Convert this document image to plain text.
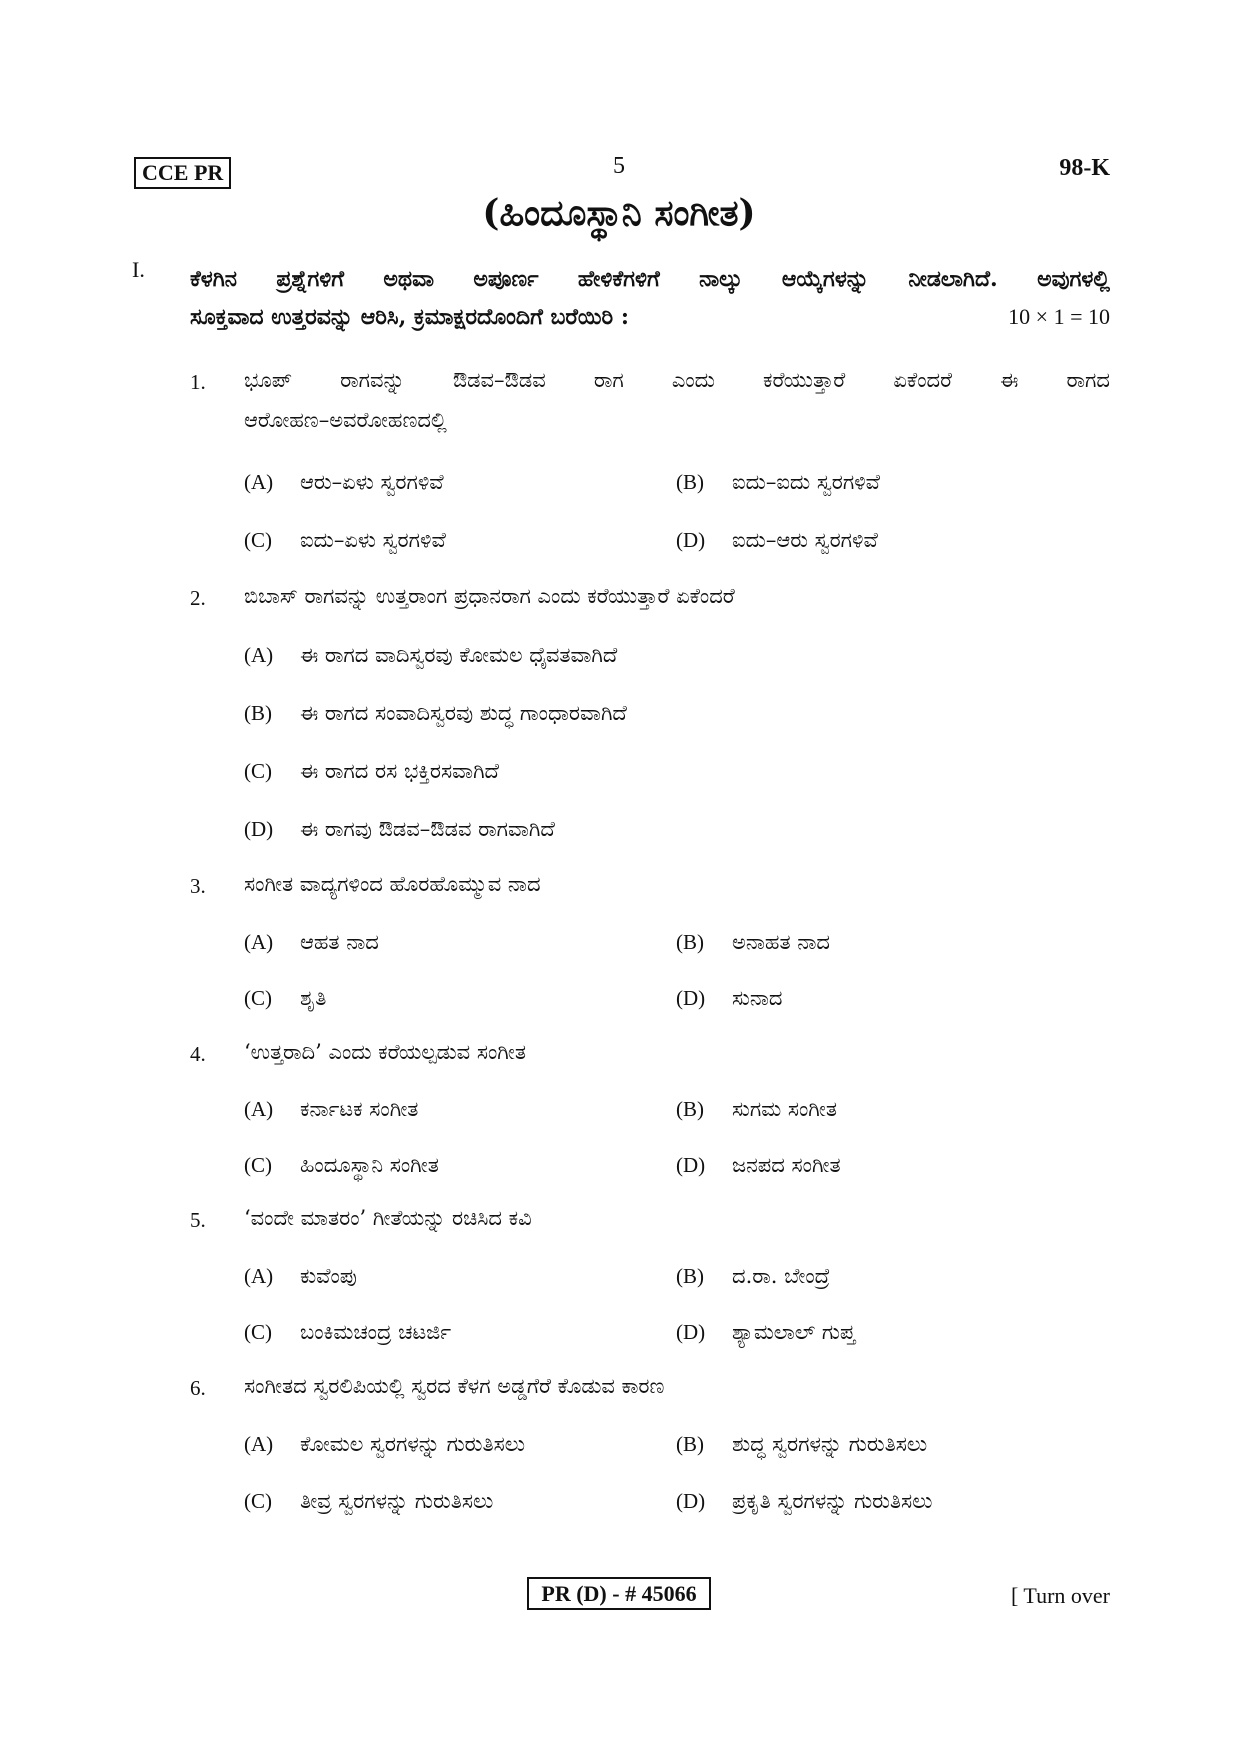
CCE PR	5	98-K
(ಹಿಂದೂಸ್ಥಾನಿ ಸಂಗೀತ)
I. ಕೆಳಗಿನ ಪ್ರಶ್ನೆಗಳಿಗೆ ಅಥವಾ ಅಪೂರ್ಣ ಹೇಳಿಕೆಗಳಿಗೆ ನಾಲ್ಕು ಆಯ್ಕೆಗಳನ್ನು ನೀಡಲಾಗಿದೆ. ಅವುಗಳಲ್ಲಿ
ಸೂಕ್ತವಾದ ಉತ್ತರವನ್ನು ಆರಿಸಿ, ಕ್ರಮಾಕ್ಷರದೊಂದಿಗೆ ಬರೆಯಿರಿ :	10 × 1 = 10
1. ಭೂಪ್ ರಾಗವನ್ನು ಔಡವ–ಔಡವ ರಾಗ ಎಂದು ಕರೆಯುತ್ತಾರೆ ಏಕೆಂದರೆ ಈ ರಾಗದ
ಆರೋಹಣ–ಅವರೋಹಣದಲ್ಲಿ
(A) ಆರು–ಏಳು ಸ್ವರಗಳಿವೆ	(B) ಐದು–ಐದು ಸ್ವರಗಳಿವೆ
(C) ಐದು–ಏಳು ಸ್ವರಗಳಿವೆ	(D) ಐದು–ಆರು ಸ್ವರಗಳಿವೆ
2. ಬಿಬಾಸ್ ರಾಗವನ್ನು ಉತ್ತರಾಂಗ ಪ್ರಧಾನರಾಗ ಎಂದು ಕರೆಯುತ್ತಾರೆ ಏಕೆಂದರೆ
(A) ಈ ರಾಗದ ವಾದಿಸ್ವರವು ಕೋಮಲ ಧೈವತವಾಗಿದೆ
(B) ಈ ರಾಗದ ಸಂವಾದಿಸ್ವರವು ಶುದ್ಧ ಗಾಂಧಾರವಾಗಿದೆ
(C) ಈ ರಾಗದ ರಸ ಭಕ್ತಿರಸವಾಗಿದೆ
(D) ಈ ರಾಗವು ಔಡವ–ಔಡವ ರಾಗವಾಗಿದೆ
3. ಸಂಗೀತ ವಾದ್ಯಗಳಿಂದ ಹೊರಹೊಮ್ಮುವ ನಾದ
(A) ಆಹತ ನಾದ	(B) ಅನಾಹತ ನಾದ
(C) ಶೃತಿ	(D) ಸುನಾದ
4. ‘ಉತ್ತರಾದಿ’ ಎಂದು ಕರೆಯಲ್ಪಡುವ ಸಂಗೀತ
(A) ಕರ್ನಾಟಕ ಸಂಗೀತ	(B) ಸುಗಮ ಸಂಗೀತ
(C) ಹಿಂದೂಸ್ಥಾನಿ ಸಂಗೀತ	(D) ಜನಪದ ಸಂಗೀತ
5. ‘ವಂದೇ ಮಾತರಂ’ ಗೀತೆಯನ್ನು ರಚಿಸಿದ ಕವಿ
(A) ಕುವೆಂಪು	(B) ದ.ರಾ. ಬೇಂದ್ರೆ
(C) ಬಂಕಿಮಚಂದ್ರ ಚಟರ್ಜಿ	(D) ಶ್ಯಾಮಲಾಲ್ ಗುಪ್ತ
6. ಸಂಗೀತದ ಸ್ವರಲಿಪಿಯಲ್ಲಿ ಸ್ವರದ ಕೆಳಗ ಅಡ್ಡಗೆರೆ ಕೊಡುವ ಕಾರಣ
(A) ಕೋಮಲ ಸ್ವರಗಳನ್ನು ಗುರುತಿಸಲು	(B) ಶುದ್ಧ ಸ್ವರಗಳನ್ನು ಗುರುತಿಸಲು
(C) ತೀವ್ರ ಸ್ವರಗಳನ್ನು ಗುರುತಿಸಲು	(D) ಪ್ರಕೃತಿ ಸ್ವರಗಳನ್ನು ಗುರುತಿಸಲು
PR (D) - # 45066	[ Turn over
